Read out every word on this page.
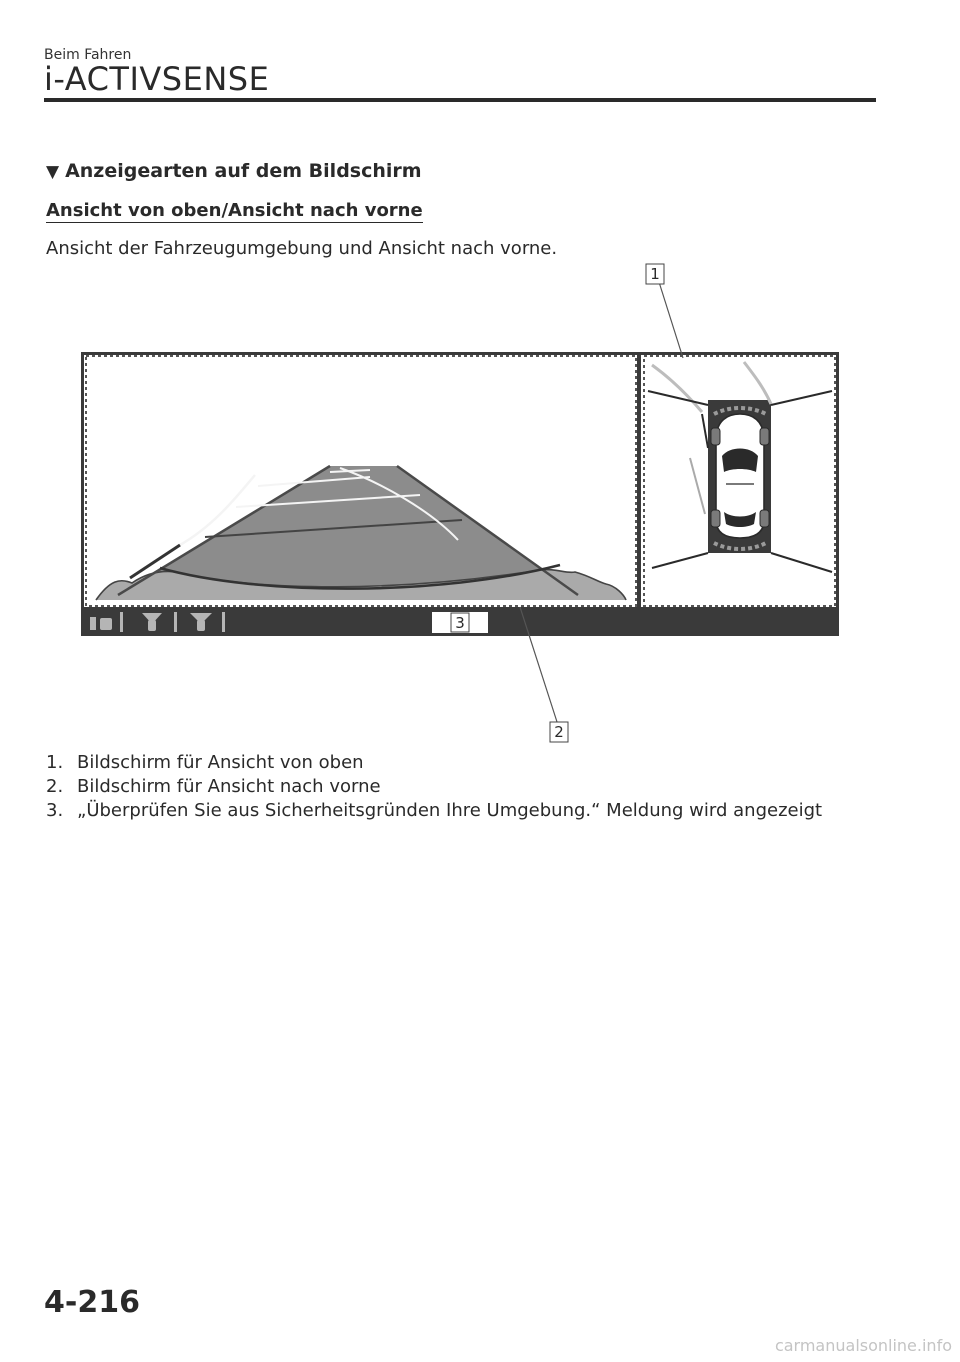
Beim Fahren
i-ACTIVSENSE
▼ Anzeigearten auf dem Bildschirm
Ansicht von oben/Ansicht nach vorne
Ansicht der Fahrzeugumgebung und Ansicht nach vorne.
1
2
3
1. Bildschirm für Ansicht von oben
2. Bildschirm für Ansicht nach vorne
3. „Überprüfen Sie aus Sicherheitsgründen Ihre Umgebung.“ Meldung wird angezeigt
4-216
carmanualsonline.info
